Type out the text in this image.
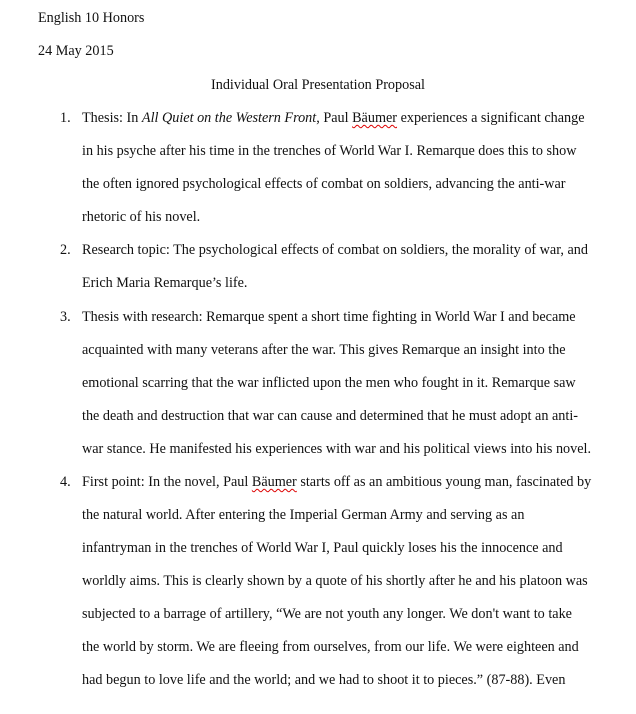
English 10 Honors
24 May 2015
Individual Oral Presentation Proposal
1. Thesis: In All Quiet on the Western Front, Paul Bäumer experiences a significant change
in his psyche after his time in the trenches of World War I. Remarque does this to show
the often ignored psychological effects of combat on soldiers, advancing the anti-war
rhetoric of his novel.
2. Research topic: The psychological effects of combat on soldiers, the morality of war, and
Erich Maria Remarque’s life.
3. Thesis with research: Remarque spent a short time fighting in World War I and became
acquainted with many veterans after the war. This gives Remarque an insight into the
emotional scarring that the war inflicted upon the men who fought in it. Remarque saw
the death and destruction that war can cause and determined that he must adopt an anti-
war stance. He manifested his experiences with war and his political views into his novel.
4. First point: In the novel, Paul Bäumer starts off as an ambitious young man, fascinated by
the natural world. After entering the Imperial German Army and serving as an
infantryman in the trenches of World War I, Paul quickly loses his the innocence and
worldly aims. This is clearly shown by a quote of his shortly after he and his platoon was
subjected to a barrage of artillery, “We are not youth any longer. We don't want to take
the world by storm. We are fleeing from ourselves, from our life. We were eighteen and
had begun to love life and the world; and we had to shoot it to pieces.” (87-88). Even
